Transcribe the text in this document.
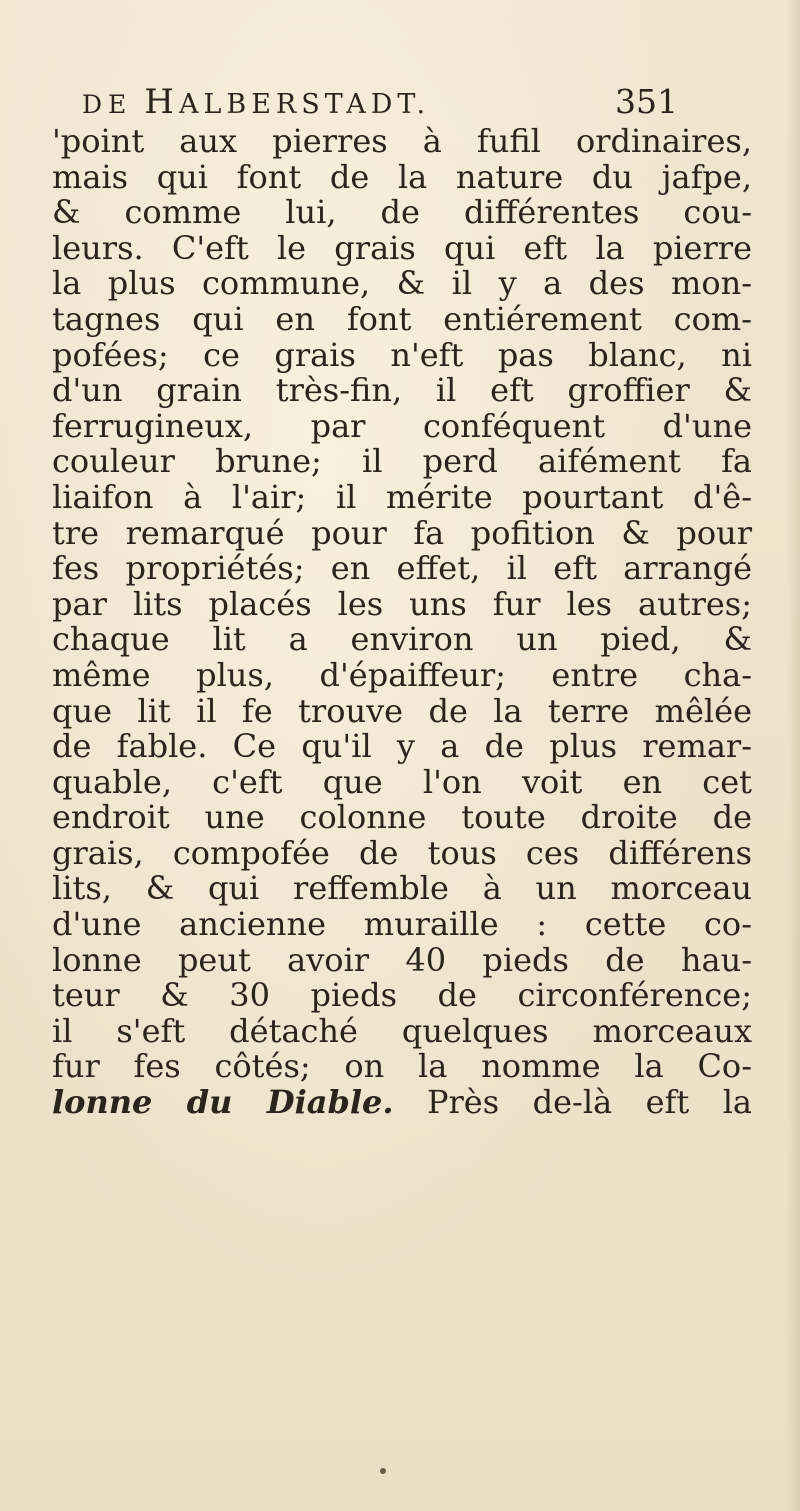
DE HALBERSTADT.	351
'point aux pierres à fufil ordinaires,
mais qui font de la nature du jafpe,
& comme lui, de différentes cou-
leurs. C'eft le grais qui eft la pierre
la plus commune, & il y a des mon-
tagnes qui en font entiérement com-
pofées; ce grais n'eft pas blanc, ni
d'un grain très-fin, il eft groffier &
ferrugineux, par conféquent d'une
couleur brune; il perd aifément fa
liaifon à l'air; il mérite pourtant d'ê-
tre remarqué pour fa pofition & pour
fes propriétés; en effet, il eft arrangé
par lits placés les uns fur les autres;
chaque lit a environ un pied, &
même plus, d'épaiffeur; entre cha-
que lit il fe trouve de la terre mêlée
de fable. Ce qu'il y a de plus remar-
quable, c'eft que l'on voit en cet
endroit une colonne toute droite de
grais, compofée de tous ces différens
lits, & qui reffemble à un morceau
d'une ancienne muraille : cette co-
lonne peut avoir 40 pieds de hau-
teur & 30 pieds de circonférence;
il s'eft détaché quelques morceaux
fur fes côtés; on la nomme la Co-
lonne du Diable. Près de-là eft la
